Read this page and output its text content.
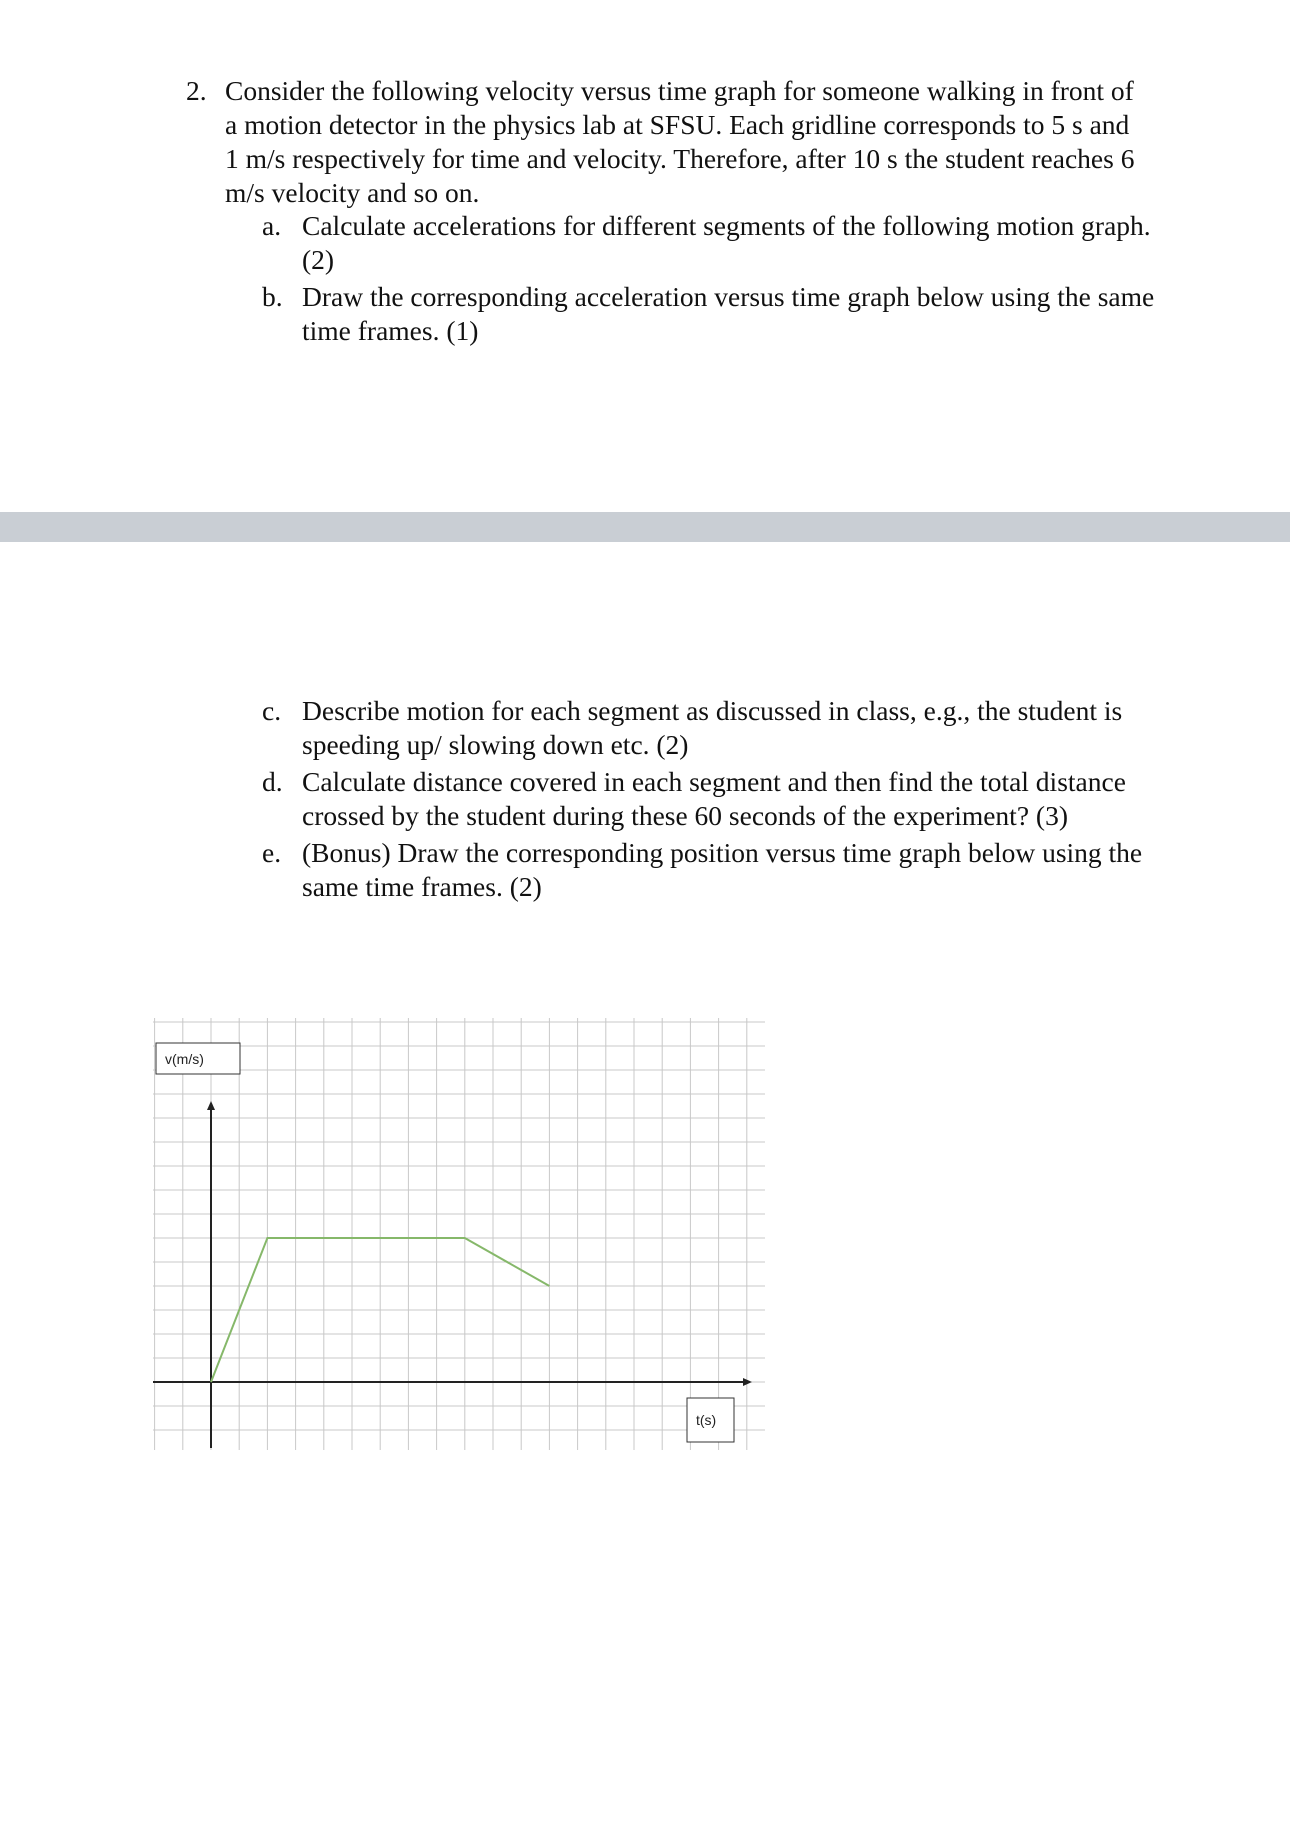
2. Consider the following velocity versus time graph for someone walking in front of a motion detector in the physics lab at SFSU. Each gridline corresponds to 5 s and 1 m/s respectively for time and velocity. Therefore, after 10 s the student reaches 6 m/s velocity and so on.
a. Calculate accelerations for different segments of the following motion graph. (2)
b. Draw the corresponding acceleration versus time graph below using the same time frames. (1)
c. Describe motion for each segment as discussed in class, e.g., the student is speeding up/ slowing down etc. (2)
d. Calculate distance covered in each segment and then find the total distance crossed by the student during these 60 seconds of the experiment? (3)
e. (Bonus) Draw the corresponding position versus time graph below using the same time frames. (2)
v(m/s)
t(s)
